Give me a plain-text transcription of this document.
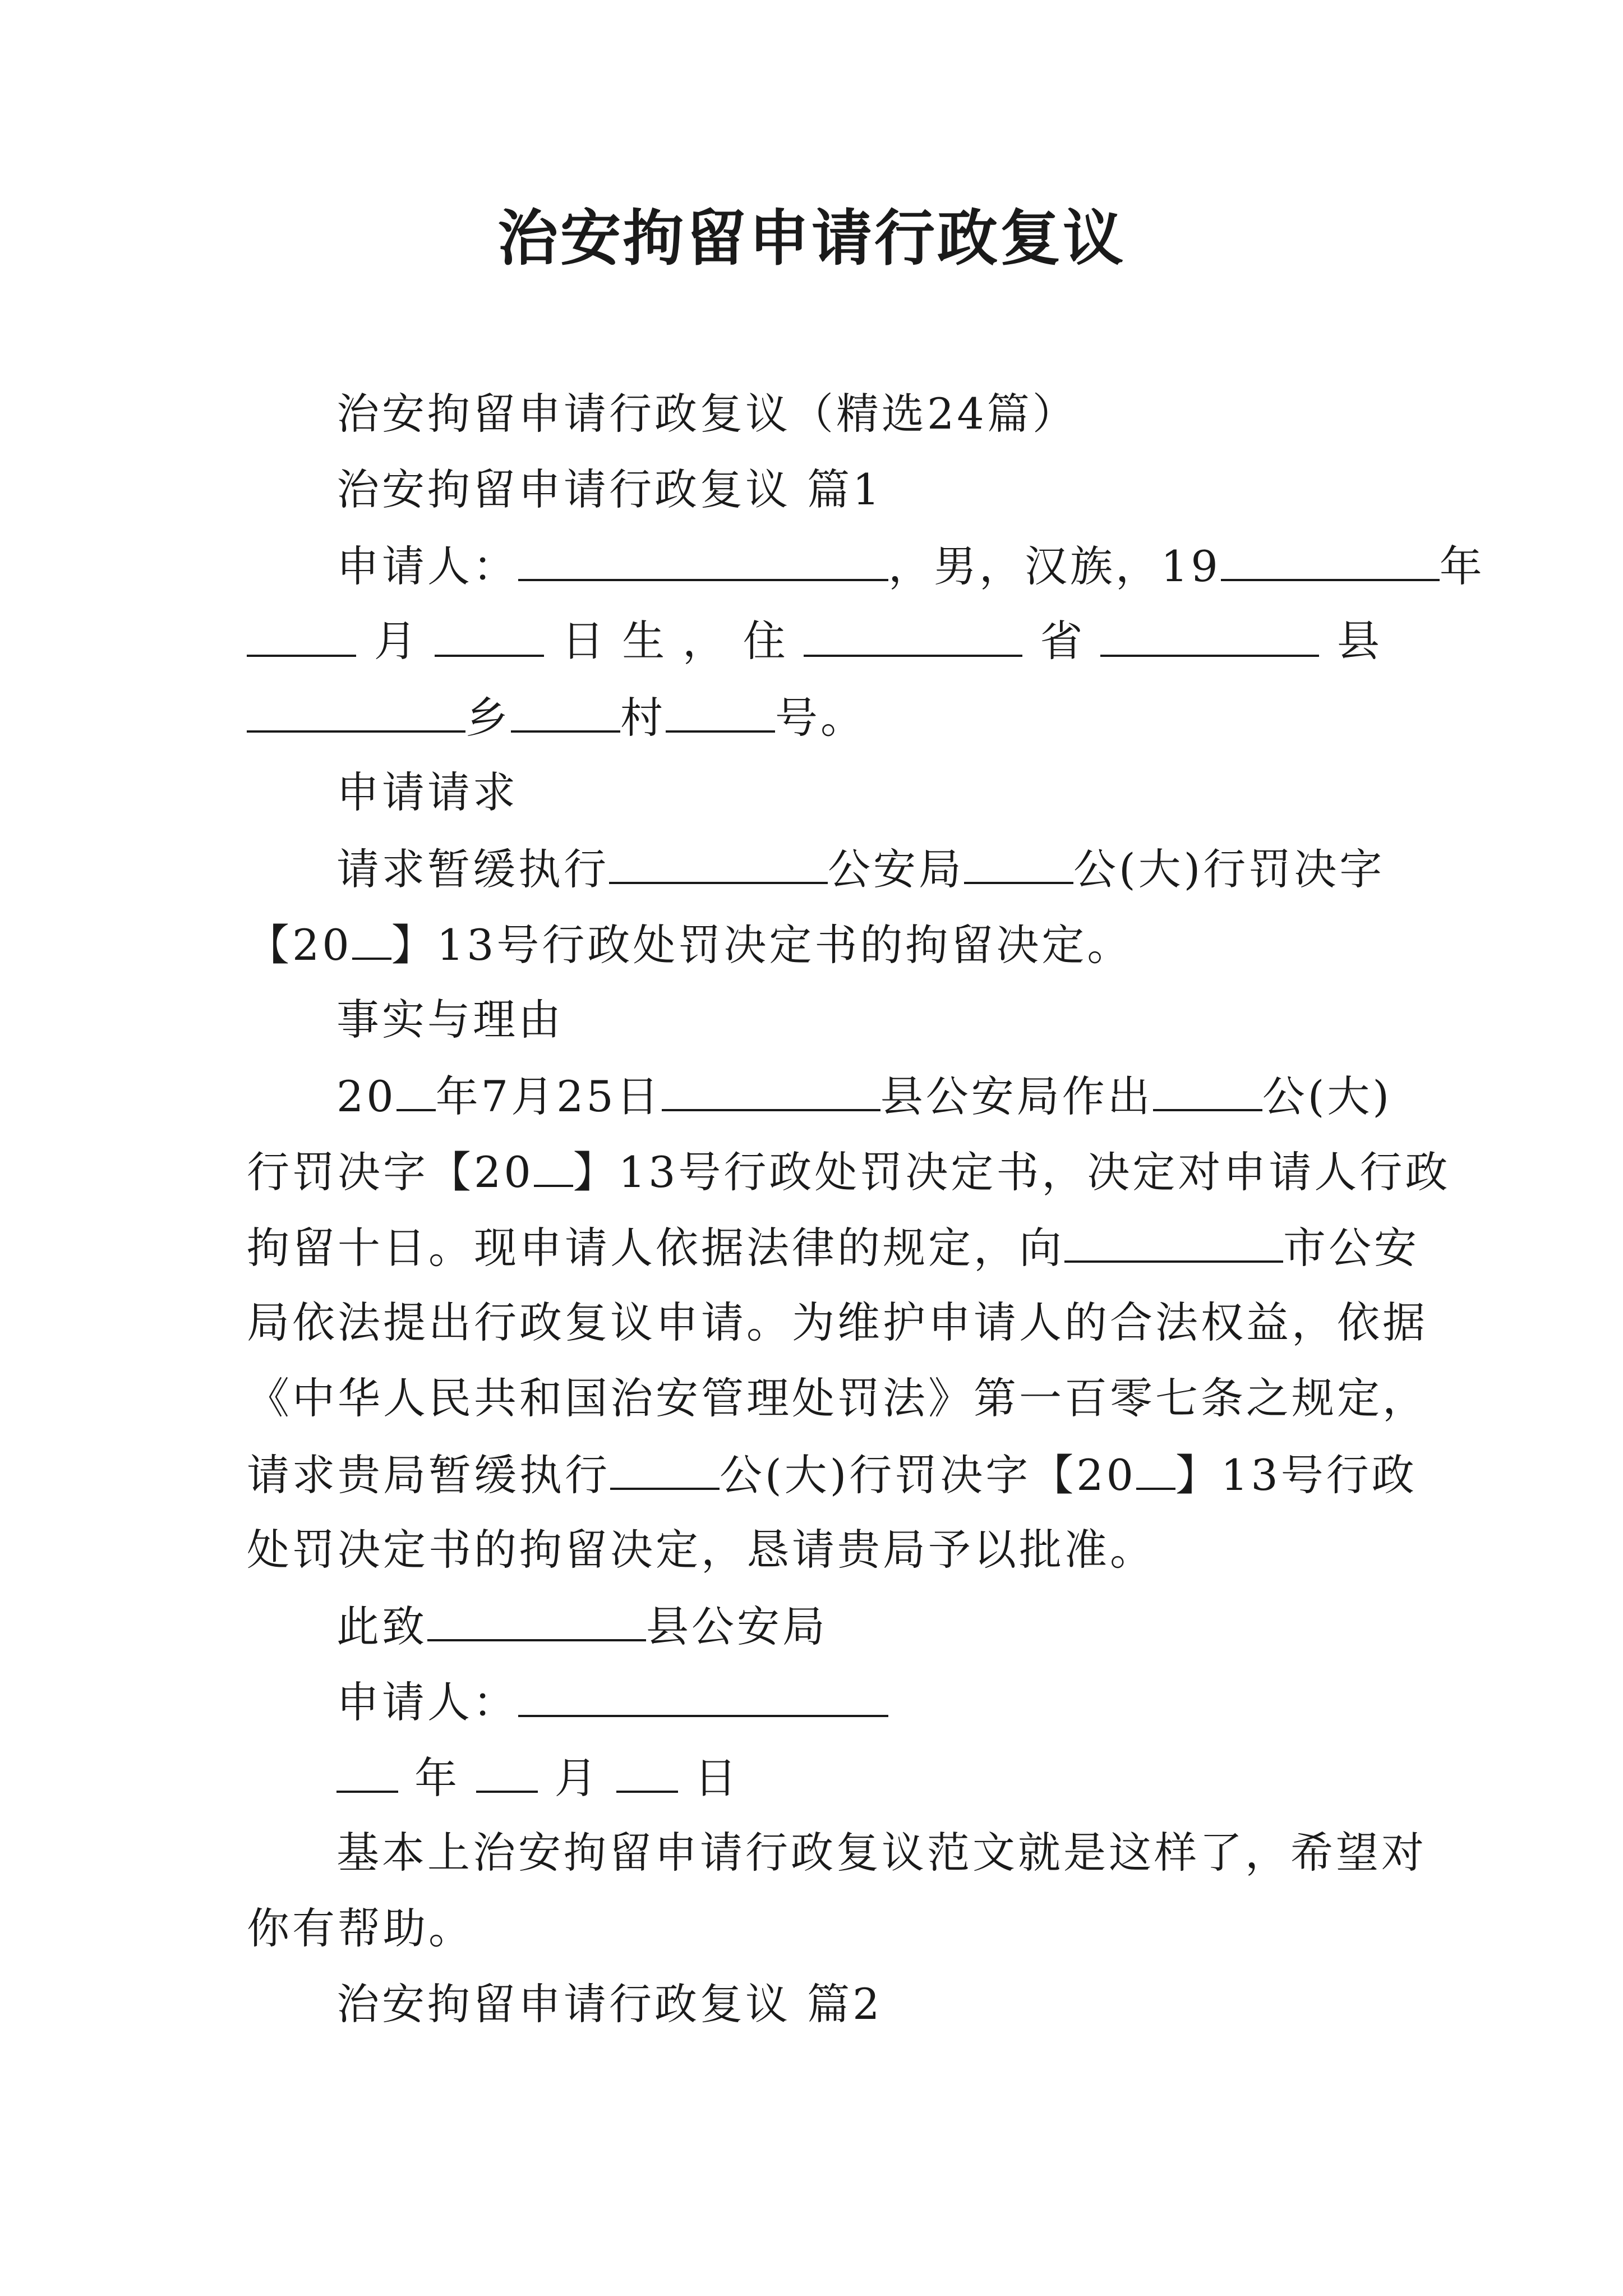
治安拘留申请行政复议
治安拘留申请行政复议（精选24篇）
治安拘留申请行政复议 篇1
申请人：	，男，汉族，19	年
月	日 生 ， 住	省	县
乡	村	号。
申请请求
请求暂缓执行	公安局	公(大)行罚决字
【20 】13号行政处罚决定书的拘留决定。
事实与理由
20 年7月25日	县公安局作出	公(大)
行罚决字【20 】13号行政处罚决定书，决定对申请人行政
拘留十日。现申请人依据法律的规定，向	市公安
局依法提出行政复议申请。为维护申请人的合法权益，依据
《中华人民共和国治安管理处罚法》第一百零七条之规定，
请求贵局暂缓执行	公(大)行罚决字【20 】13号行政
处罚决定书的拘留决定，恳请贵局予以批准。
此致	县公安局
申请人：
年 月 日
基本上治安拘留申请行政复议范文就是这样了，希望对
你有帮助。
治安拘留申请行政复议 篇2
